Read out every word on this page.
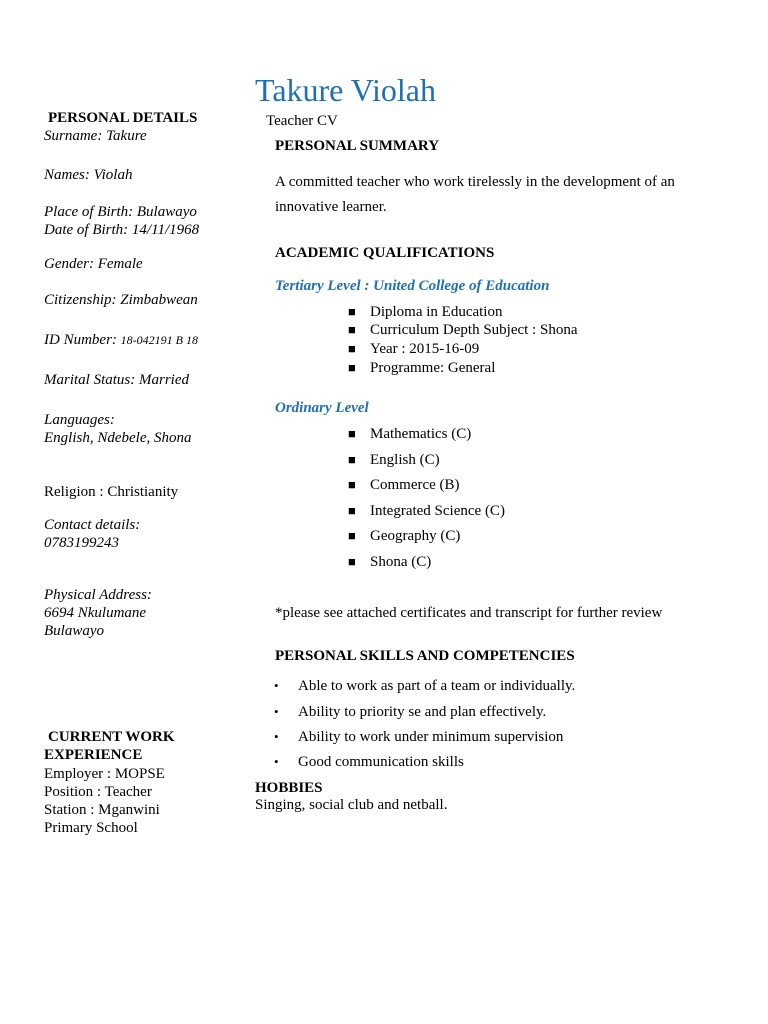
Takure Violah
Teacher CV
PERSONAL DETAILS
Surname: Takure
Names: Violah
Place of Birth: Bulawayo
Date of Birth: 14/11/1968
Gender: Female
Citizenship: Zimbabwean
ID Number: 18-042191 B 18
Marital Status: Married
Languages:
English, Ndebele, Shona
Religion : Christianity
Contact details:
0783199243
Physical Address:
6694 Nkulumane
Bulawayo
CURRENT WORK
EXPERIENCE
Employer : MOPSE
Position : Teacher
Station : Mganwini
Primary School
PERSONAL SUMMARY
A committed teacher who work tirelessly in the development of an
innovative learner.
ACADEMIC QUALIFICATIONS
Tertiary Level : United College of Education
■ Diploma in Education
■ Curriculum Depth Subject : Shona
■ Year : 2015-16-09
■ Programme: General
Ordinary Level
■ Mathematics (C)
■ English (C)
■ Commerce (B)
■ Integrated Science (C)
■ Geography (C)
■ Shona (C)
*please see attached certificates and transcript for further review
PERSONAL SKILLS AND COMPETENCIES
• Able to work as part of a team or individually.
• Ability to priority se and plan effectively.
• Ability to work under minimum supervision
• Good communication skills
HOBBIES
Singing, social club and netball.
